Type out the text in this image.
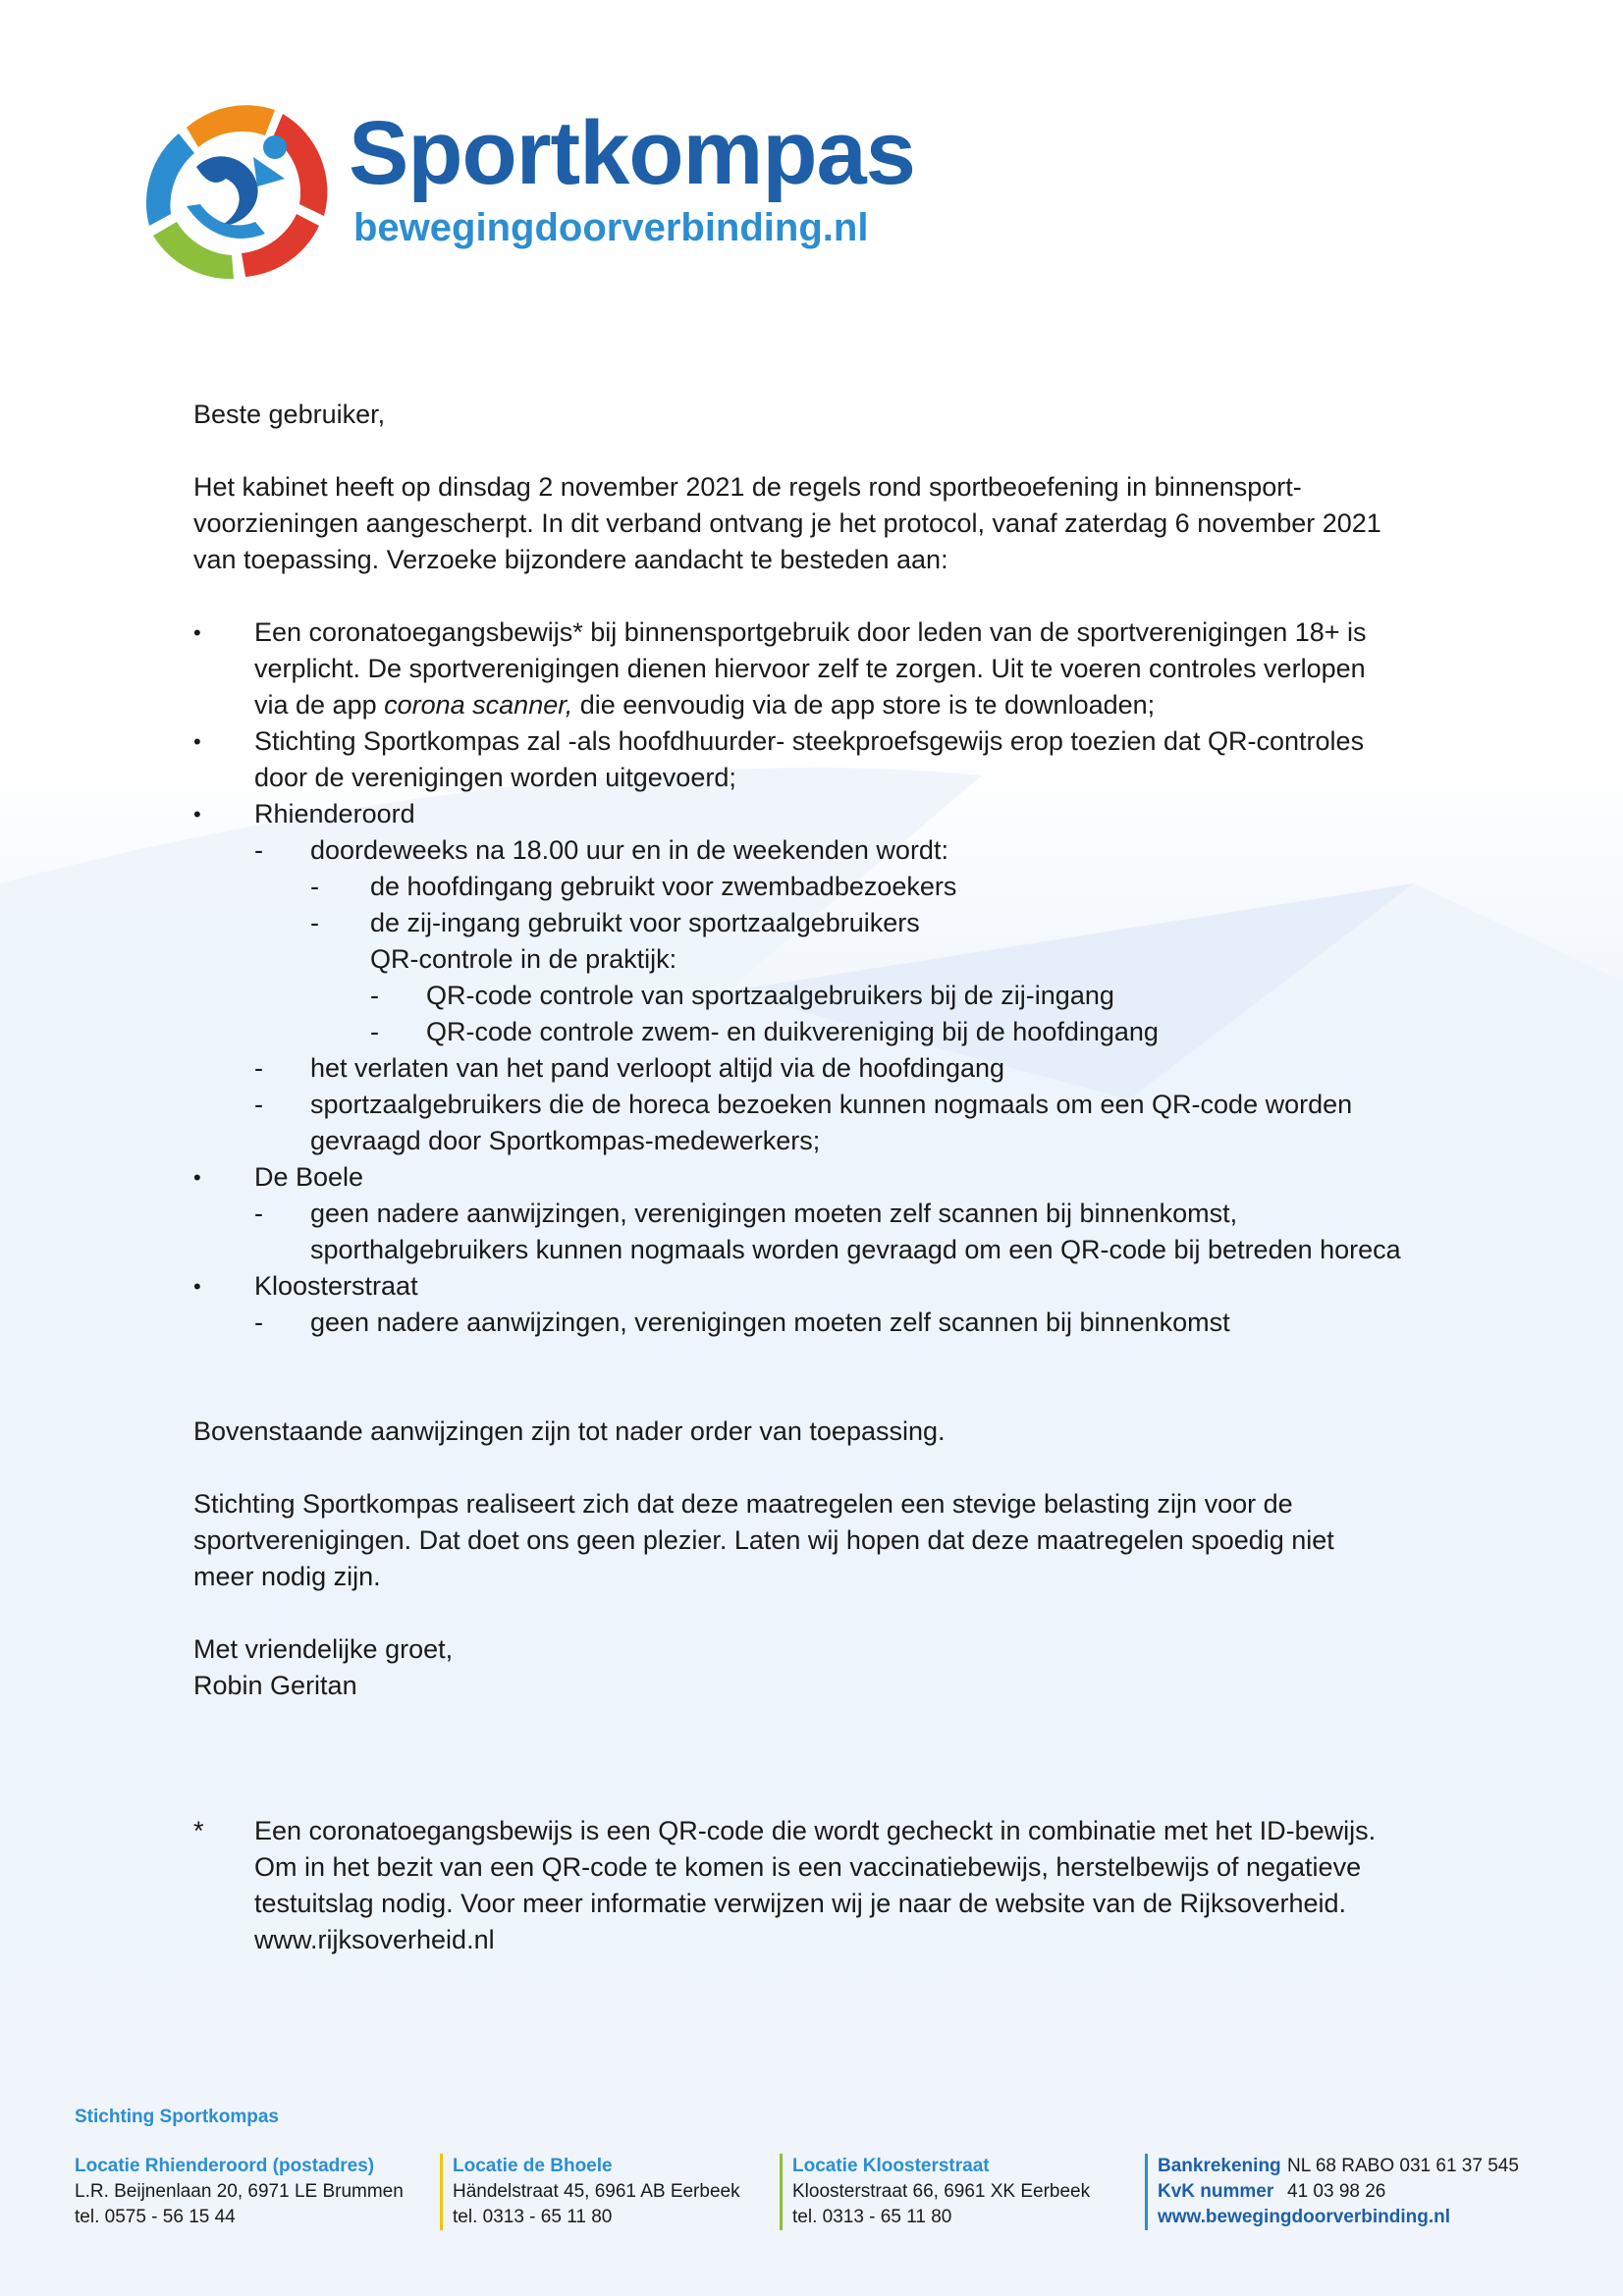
Sportkompas
bewegingdoorverbinding.nl

Beste gebruiker,

Het kabinet heeft op dinsdag 2 november 2021 de regels rond sportbeoefening in binnensport-

voorzieningen aangescherpt. In dit verband ontvang je het protocol, vanaf zaterdag 6 november 2021

van toepassing. Verzoeke bijzondere aandacht te besteden aan:

• Een coronatoegangsbewijs* bij binnensportgebruik door leden van de sportverenigingen 18+ is

verplicht. De sportverenigingen dienen hiervoor zelf te zorgen. Uit te voeren controles verlopen

via de app corona scanner, die eenvoudig via de app store is te downloaden;

• Stichting Sportkompas zal -als hoofdhuurder- steekproefsgewijs erop toezien dat QR-controles

door de verenigingen worden uitgevoerd;

• Rhienderoord

- doordeweeks na 18.00 uur en in de weekenden wordt:

- de hoofdingang gebruikt voor zwembadbezoekers

- de zij-ingang gebruikt voor sportzaalgebruikers

QR-controle in de praktijk:

- QR-code controle van sportzaalgebruikers bij de zij-ingang

- QR-code controle zwem- en duikvereniging bij de hoofdingang

- het verlaten van het pand verloopt altijd via de hoofdingang

- sportzaalgebruikers die de horeca bezoeken kunnen nogmaals om een QR-code worden

gevraagd door Sportkompas-medewerkers;

• De Boele

- geen nadere aanwijzingen, verenigingen moeten zelf scannen bij binnenkomst,

sporthalgebruikers kunnen nogmaals worden gevraagd om een QR-code bij betreden horeca

• Kloosterstraat

- geen nadere aanwijzingen, verenigingen moeten zelf scannen bij binnenkomst

Bovenstaande aanwijzingen zijn tot nader order van toepassing.

Stichting Sportkompas realiseert zich dat deze maatregelen een stevige belasting zijn voor de

sportverenigingen. Dat doet ons geen plezier. Laten wij hopen dat deze maatregelen spoedig niet

meer nodig zijn.

Met vriendelijke groet,

Robin Geritan

* Een coronatoegangsbewijs is een QR-code die wordt gecheckt in combinatie met het ID-bewijs.

Om in het bezit van een QR-code te komen is een vaccinatiebewijs, herstelbewijs of negatieve

testuitslag nodig. Voor meer informatie verwijzen wij je naar de website van de Rijksoverheid.

www.rijksoverheid.nl

Stichting Sportkompas
Locatie Rhienderoord (postadres)
L.R. Beijnenlaan 20, 6971 LE Brummen
tel. 0575 - 56 15 44
Locatie de Bhoele
Händelstraat 45, 6961 AB Eerbeek
tel. 0313 - 65 11 80
Locatie Kloosterstraat
Kloosterstraat 66, 6961 XK Eerbeek
tel. 0313 - 65 11 80
Bankrekening NL 68 RABO 031 61 37 545
KvK nummer 41 03 98 26
www.bewegingdoorverbinding.nl
